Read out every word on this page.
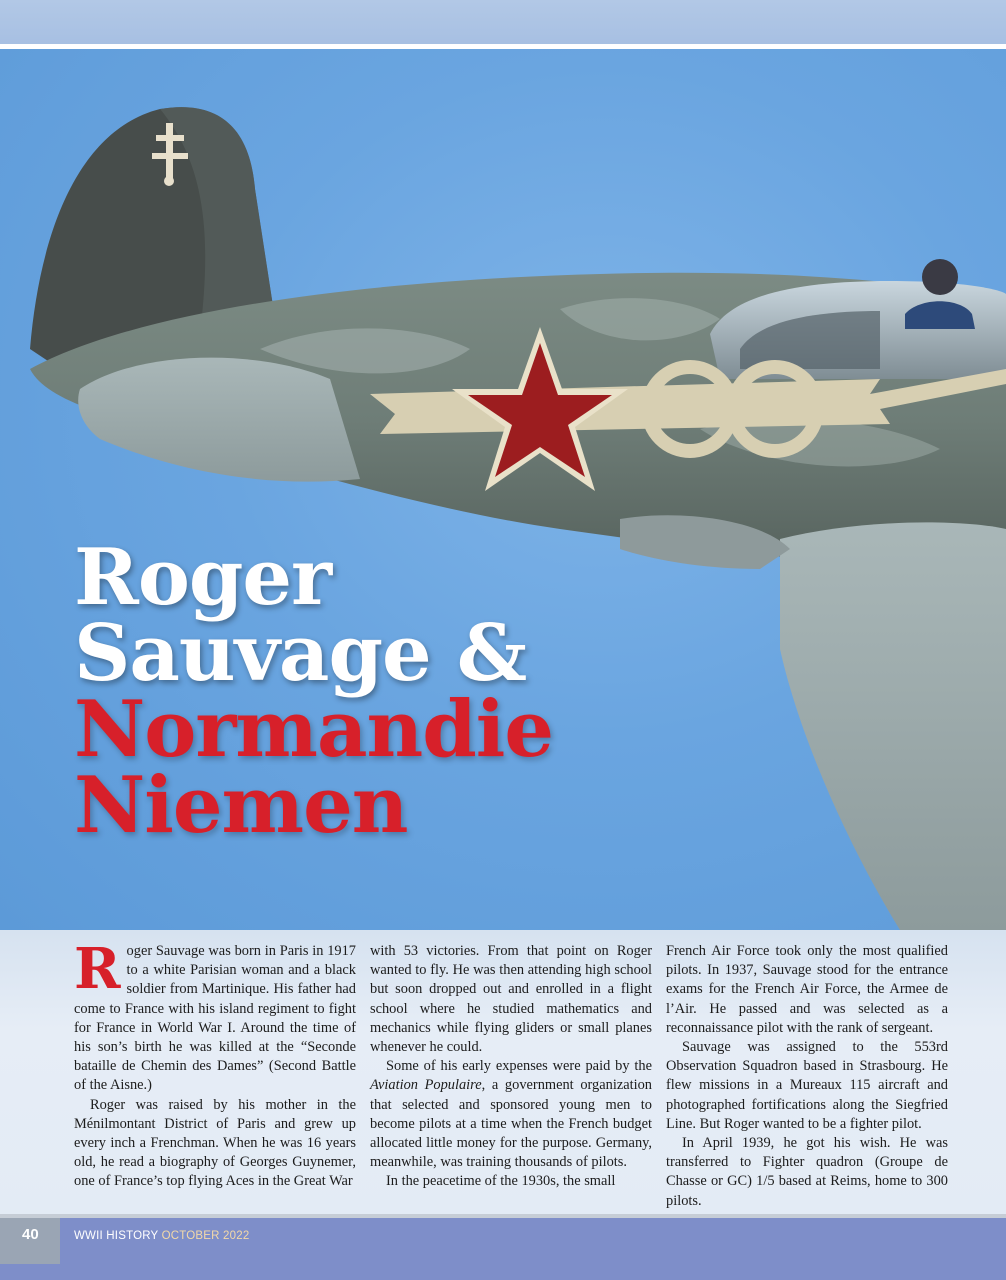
Roger
Sauvage &
Normandie
Niemen

Roger Sauvage was born in Paris in 1917 to a white Parisian woman and a black soldier from Martinique. His father had come to France with his island regiment to fight for France in World War I. Around the time of his son’s birth he was killed at the “Seconde bataille de Chemin des Dames” (Second Battle of the Aisne.)

Roger was raised by his mother in the Ménilmontant District of Paris and grew up every inch a Frenchman. When he was 16 years old, he read a biography of Georges Guynemer, one of France’s top flying Aces in the Great War

with 53 victories. From that point on Roger wanted to fly. He was then attending high school but soon dropped out and enrolled in a flight school where he studied mathematics and mechanics while flying gliders or small planes whenever he could.

Some of his early expenses were paid by the Aviation Populaire, a government organization that selected and sponsored young men to become pilots at a time when the French budget allocated little money for the purpose. Germany, meanwhile, was training thousands of pilots.

In the peacetime of the 1930s, the small

French Air Force took only the most qualified pilots. In 1937, Sauvage stood for the entrance exams for the French Air Force, the Armee de l’Air. He passed and was selected as a reconnaissance pilot with the rank of sergeant.

Sauvage was assigned to the 553rd Observation Squadron based in Strasbourg. He flew missions in a Mureaux 115 aircraft and photographed fortifications along the Siegfried Line. But Roger wanted to be a fighter pilot.

In April 1939, he got his wish. He was transferred to Fighter quadron (Groupe de Chasse or GC) 1/5 based at Reims, home to 300 pilots.

40	WWII HISTORY OCTOBER 2022
